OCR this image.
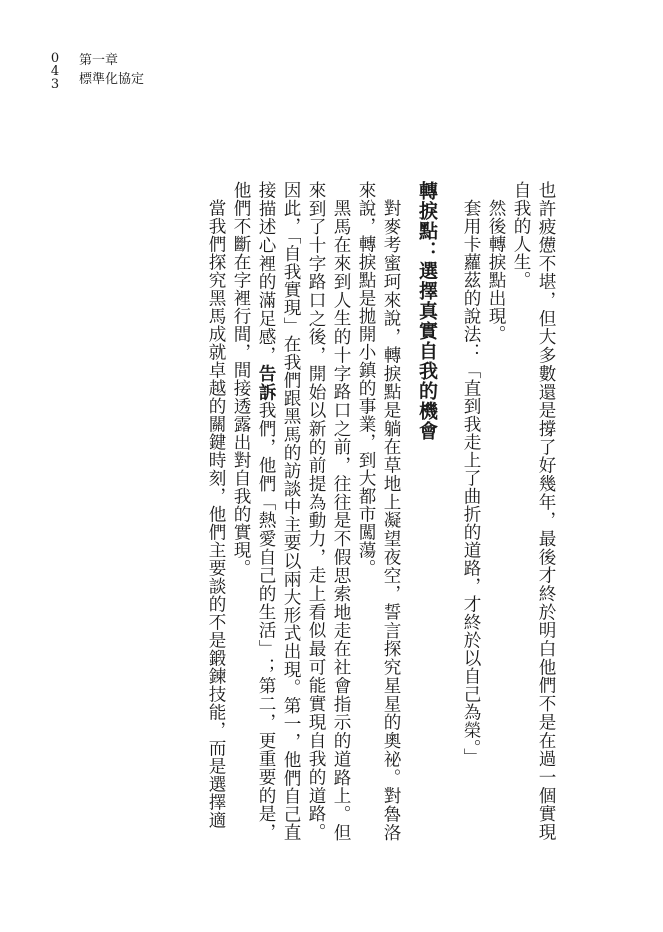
043
第一章
標準化協定

也許疲憊不堪，但大多數還是撐了好幾年，最後才終於明白他們不是在過一個實現自我的人生。

然後轉捩點出現。

套用卡蘿茲的說法：「直到我走上了曲折的道路，才終於以自己為榮。」

轉捩點：選擇真實自我的機會

對麥考蜜珂來說，轉捩點是躺在草地上凝望夜空，誓言探究星星的奧祕。對魯洛來說，轉捩點是拋開小鎮的事業，到大都市闖蕩。

黑馬在來到人生的十字路口之前，往往是不假思索地走在社會指示的道路上。但來到了十字路口之後，開始以新的前提為動力，走上看似最可能實現自我的道路。因此，「自我實現」在我們跟黑馬的訪談中主要以兩大形式出現。第一，他們自己直接描述心裡的滿足感，告訴我們，他們「熱愛自己的生活」；第二，更重要的是，他們不斷在字裡行間，間接透露出對自我的實現。

當我們探究黑馬成就卓越的關鍵時刻，他們主要談的不是鍛鍊技能，而是選擇適
